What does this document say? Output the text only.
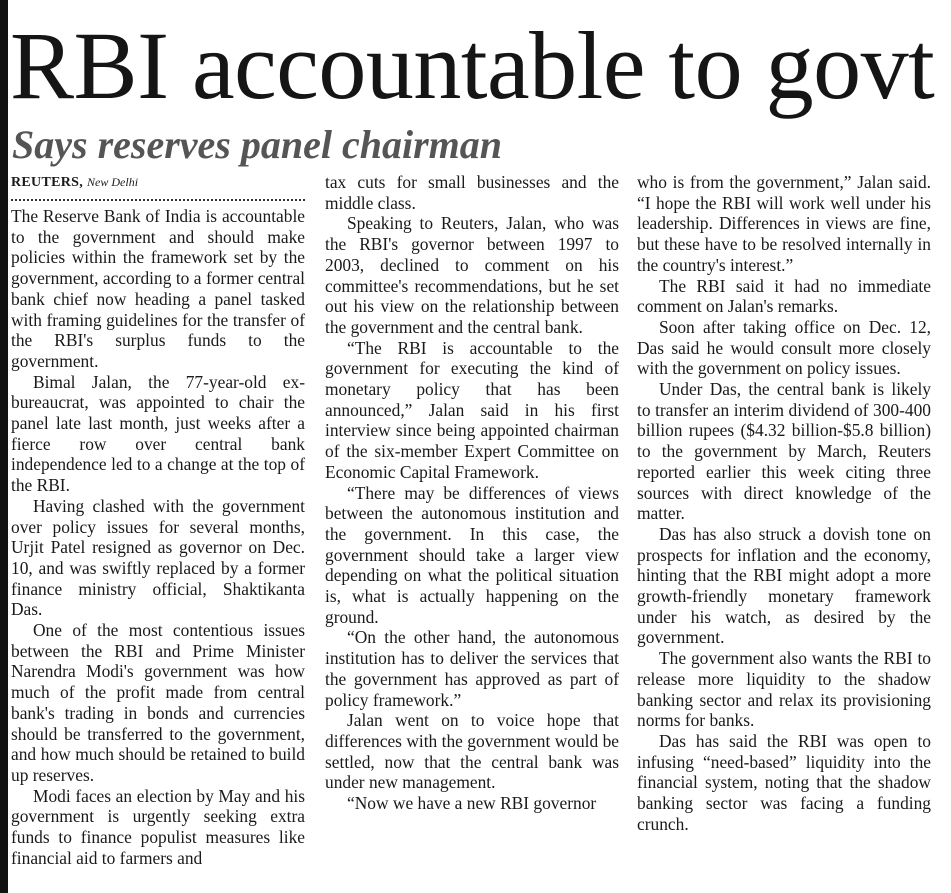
RBI accountable to govt
Says reserves panel chairman
REUTERS, New Delhi

The Reserve Bank of India is accountable to the government and should make policies within the framework set by the government, according to a former central bank chief now heading a panel tasked with framing guidelines for the transfer of the RBI's surplus funds to the government.

Bimal Jalan, the 77-year-old ex-bureaucrat, was appointed to chair the panel late last month, just weeks after a fierce row over central bank independence led to a change at the top of the RBI.

Having clashed with the government over policy issues for several months, Urjit Patel resigned as governor on Dec. 10, and was swiftly replaced by a former finance ministry official, Shaktikanta Das.

One of the most contentious issues between the RBI and Prime Minister Narendra Modi's government was how much of the profit made from central bank's trading in bonds and currencies should be transferred to the government, and how much should be retained to build up reserves.

Modi faces an election by May and his government is urgently seeking extra funds to finance populist measures like financial aid to farmers and

tax cuts for small businesses and the middle class.

Speaking to Reuters, Jalan, who was the RBI's governor between 1997 to 2003, declined to comment on his committee's recommendations, but he set out his view on the relationship between the government and the central bank.

“The RBI is accountable to the government for executing the kind of monetary policy that has been announced,” Jalan said in his first interview since being appointed chairman of the six-member Expert Committee on Economic Capital Framework.

“There may be differences of views between the autonomous institution and the government. In this case, the government should take a larger view depending on what the political situation is, what is actually happening on the ground.

“On the other hand, the autonomous institution has to deliver the services that the government has approved as part of policy framework.”

Jalan went on to voice hope that differences with the government would be settled, now that the central bank was under new management.

“Now we have a new RBI governor

who is from the government,” Jalan said. “I hope the RBI will work well under his leadership. Differences in views are fine, but these have to be resolved internally in the country's interest.”

The RBI said it had no immediate comment on Jalan's remarks.

Soon after taking office on Dec. 12, Das said he would consult more closely with the government on policy issues.

Under Das, the central bank is likely to transfer an interim dividend of 300-400 billion rupees ($4.32 billion-$5.8 billion) to the government by March, Reuters reported earlier this week citing three sources with direct knowledge of the matter.

Das has also struck a dovish tone on prospects for inflation and the economy, hinting that the RBI might adopt a more growth-friendly monetary framework under his watch, as desired by the government.

The government also wants the RBI to release more liquidity to the shadow banking sector and relax its provisioning norms for banks.

Das has said the RBI was open to infusing “need-based” liquidity into the financial system, noting that the shadow banking sector was facing a funding crunch.
